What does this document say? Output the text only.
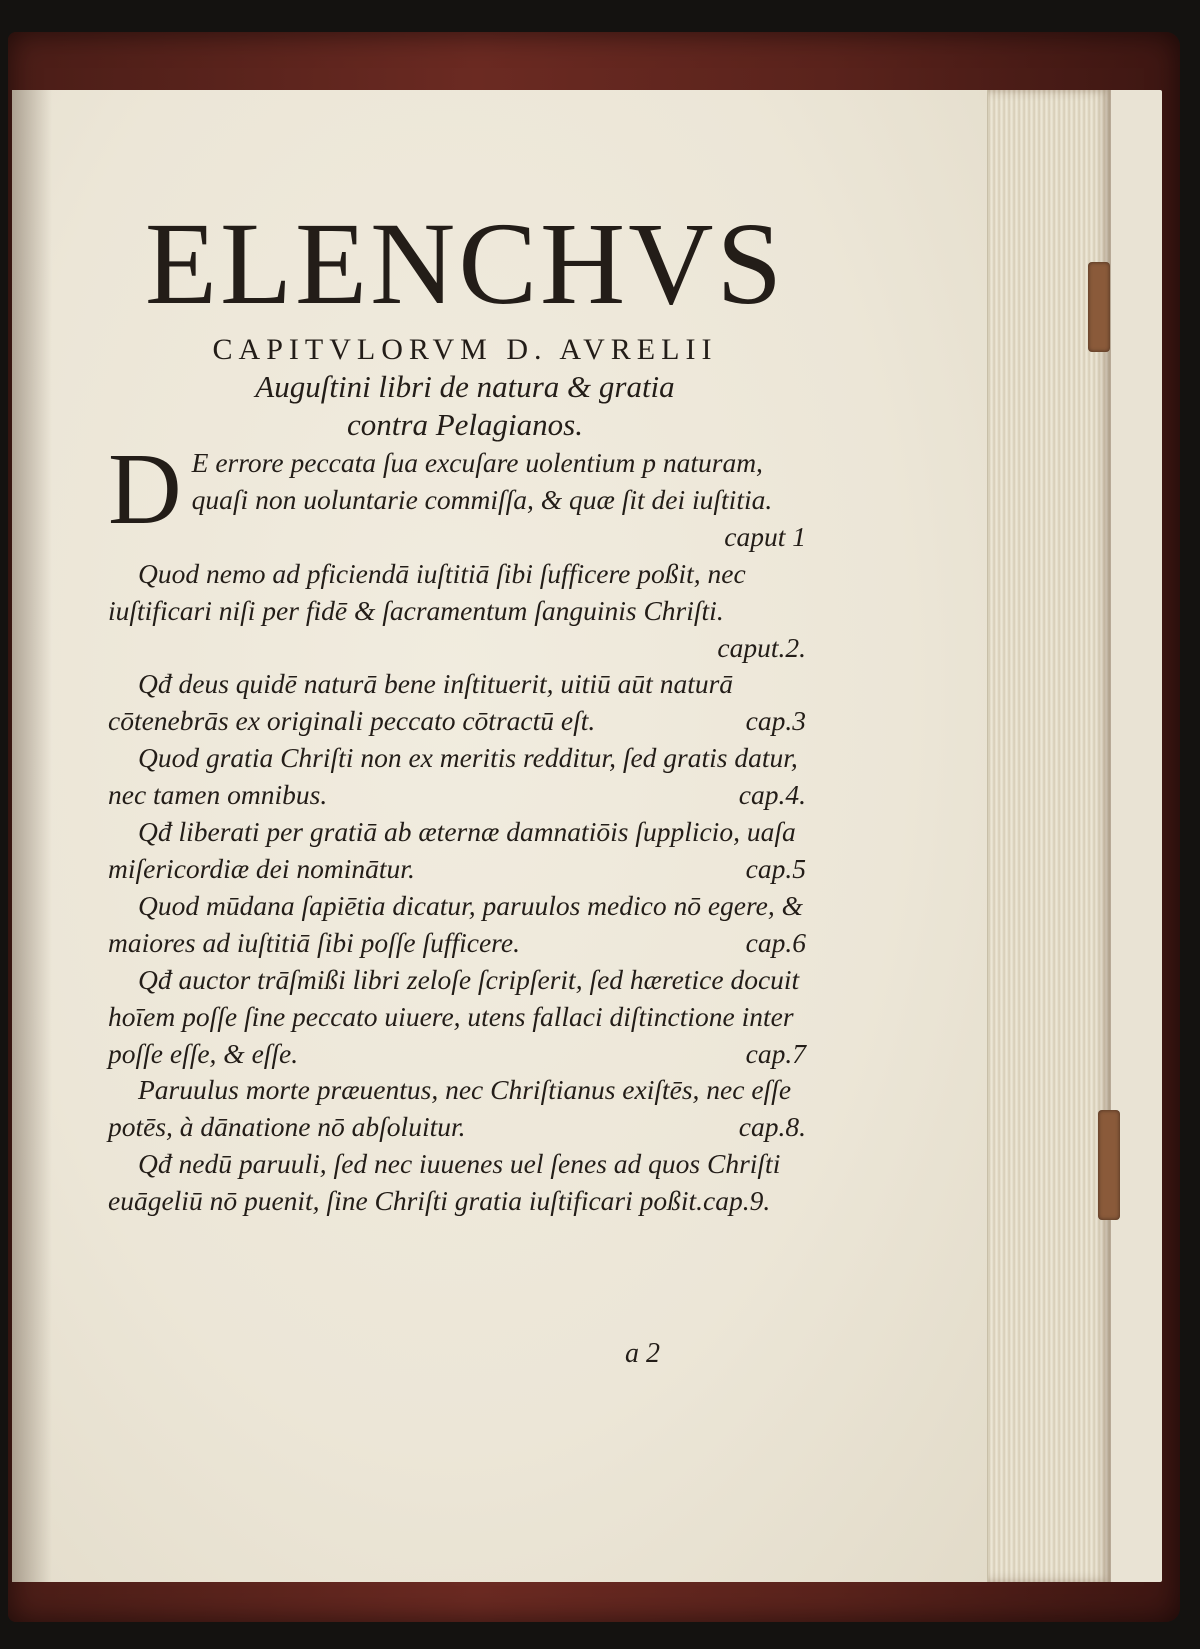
ELENCHVS
CAPITVLORVM D. AVRELII
Auguſtini libri de natura & gratia
contra Pelagianos.
D E errore peccata ſua excuſare uolentium p naturam, quaſi non uoluntarie commiſſa, & quæ ſit dei iuſtitia.
caput 1
Quod nemo ad pficiendā iuſtitiā ſibi ſufficere poßit, nec iuſtificari niſi per fidē & ſacramentum ſanguinis Chriſti.
caput.2.
Qđ deus quidē naturā bene inſtituerit, uitiū aūt naturā cōtenebrās ex originali peccato cōtractū eſt.	cap.3
Quod gratia Chriſti non ex meritis redditur, ſed gratis datur, nec tamen omnibus.	cap.4.
Qđ liberati per gratiā ab æternæ damnatiōis ſupplicio, uaſa miſericordiæ dei nominātur.	cap.5
Quod mūdana ſapiētia dicatur, paruulos medico nō egere, & maiores ad iuſtitiā ſibi poſſe ſufficere.	cap.6
Qđ auctor trāſmißi libri zeloſe ſcripſerit, ſed hæretice docuit hoīem poſſe ſine peccato uiuere, utens fallaci diſtinctione inter poſſe eſſe, & eſſe.	cap.7
Paruulus morte præuentus, nec Chriſtianus exiſtēs, nec eſſe potēs, à dānatione nō abſoluitur.	cap.8.
Qđ nedū paruuli, ſed nec iuuenes uel ſenes ad quos Chriſti euāgeliū nō puenit, ſine Chriſti gratia iuſtificari poßit.cap.9.
a 2
